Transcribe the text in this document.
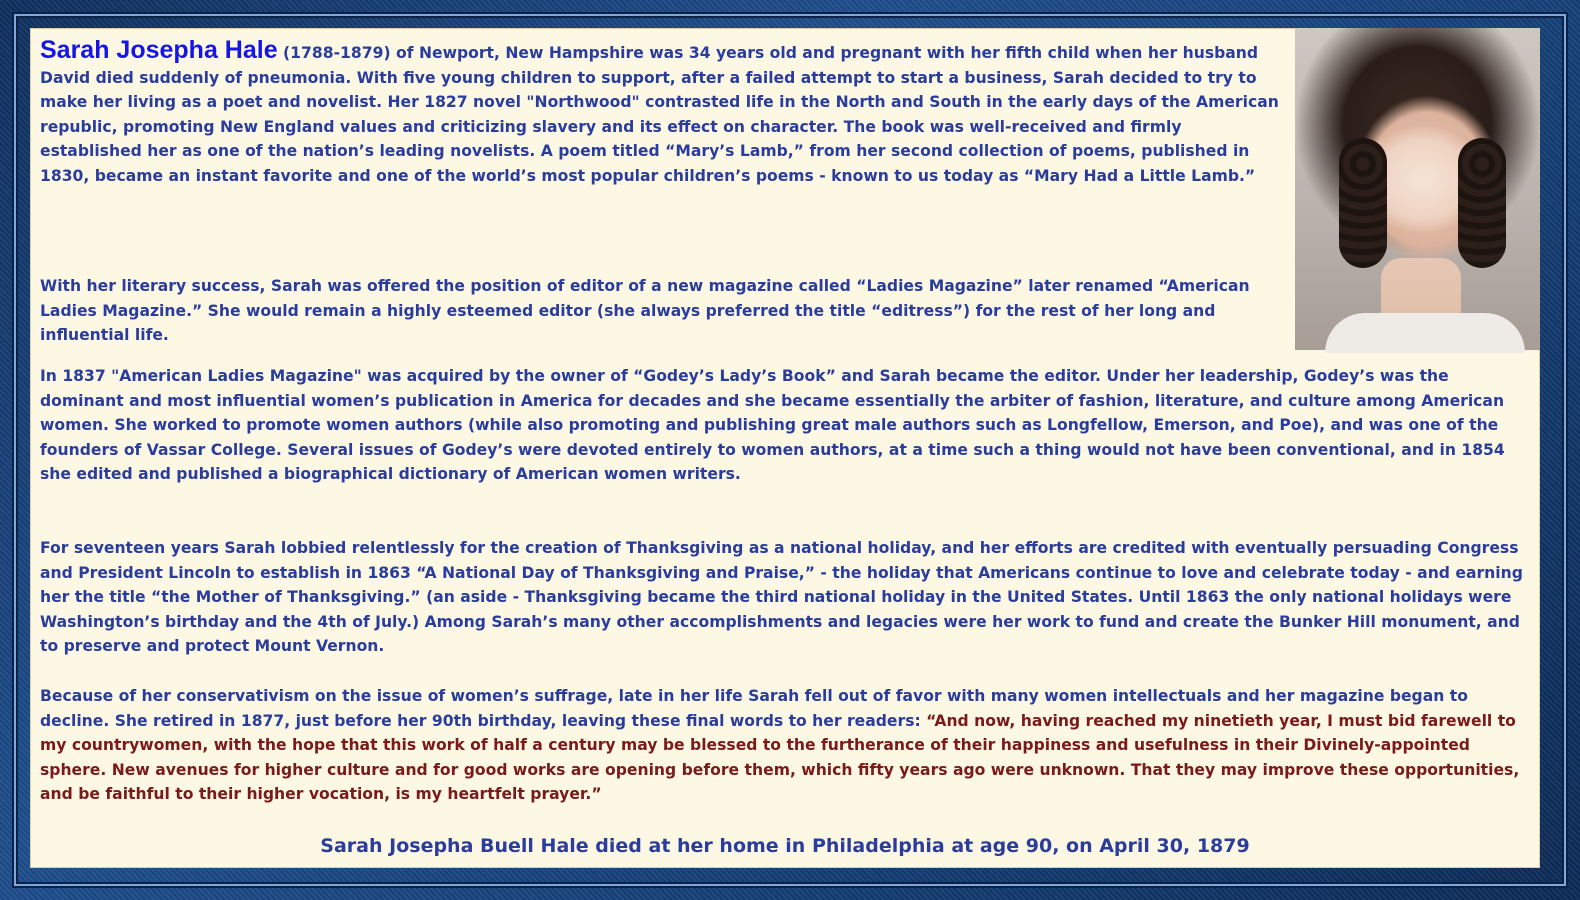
Sarah Josepha Hale (1788-1879) of Newport, New Hampshire was 34 years old and pregnant with her fifth child when her husband David died suddenly of pneumonia. With five young children to support, after a failed attempt to start a business, Sarah decided to try to make her living as a poet and novelist. Her 1827 novel "Northwood" contrasted life in the North and South in the early days of the American republic, promoting New England values and criticizing slavery and its effect on character. The book was well-received and firmly established her as one of the nation’s leading novelists. A poem titled “Mary’s Lamb,” from her second collection of poems, published in 1830, became an instant favorite and one of the world’s most popular children’s poems - known to us today as “Mary Had a Little Lamb.”

With her literary success, Sarah was offered the position of editor of a new magazine called “Ladies Magazine” later renamed “American Ladies Magazine.” She would remain a highly esteemed editor (she always preferred the title “editress”) for the rest of her long and influential life.

In 1837 "American Ladies Magazine" was acquired by the owner of “Godey’s Lady’s Book” and Sarah became the editor. Under her leadership, Godey’s was the dominant and most influential women’s publication in America for decades and she became essentially the arbiter of fashion, literature, and culture among American women. She worked to promote women authors (while also promoting and publishing great male authors such as Longfellow, Emerson, and Poe), and was one of the founders of Vassar College. Several issues of Godey’s were devoted entirely to women authors, at a time such a thing would not have been conventional, and in 1854 she edited and published a biographical dictionary of American women writers.

For seventeen years Sarah lobbied relentlessly for the creation of Thanksgiving as a national holiday, and her efforts are credited with eventually persuading Congress and President Lincoln to establish in 1863 “A National Day of Thanksgiving and Praise,” - the holiday that Americans continue to love and celebrate today - and earning her the title “the Mother of Thanksgiving.” (an aside - Thanksgiving became the third national holiday in the United States. Until 1863 the only national holidays were Washington’s birthday and the 4th of July.) Among Sarah’s many other accomplishments and legacies were her work to fund and create the Bunker Hill monument, and to preserve and protect Mount Vernon.

Because of her conservativism on the issue of women’s suffrage, late in her life Sarah fell out of favor with many women intellectuals and her magazine began to decline. She retired in 1877, just before her 90th birthday, leaving these final words to her readers: “And now, having reached my ninetieth year, I must bid farewell to my countrywomen, with the hope that this work of half a century may be blessed to the furtherance of their happiness and usefulness in their Divinely-appointed sphere. New avenues for higher culture and for good works are opening before them, which fifty years ago were unknown. That they may improve these opportunities, and be faithful to their higher vocation, is my heartfelt prayer.”

Sarah Josepha Buell Hale died at her home in Philadelphia at age 90, on April 30, 1879
